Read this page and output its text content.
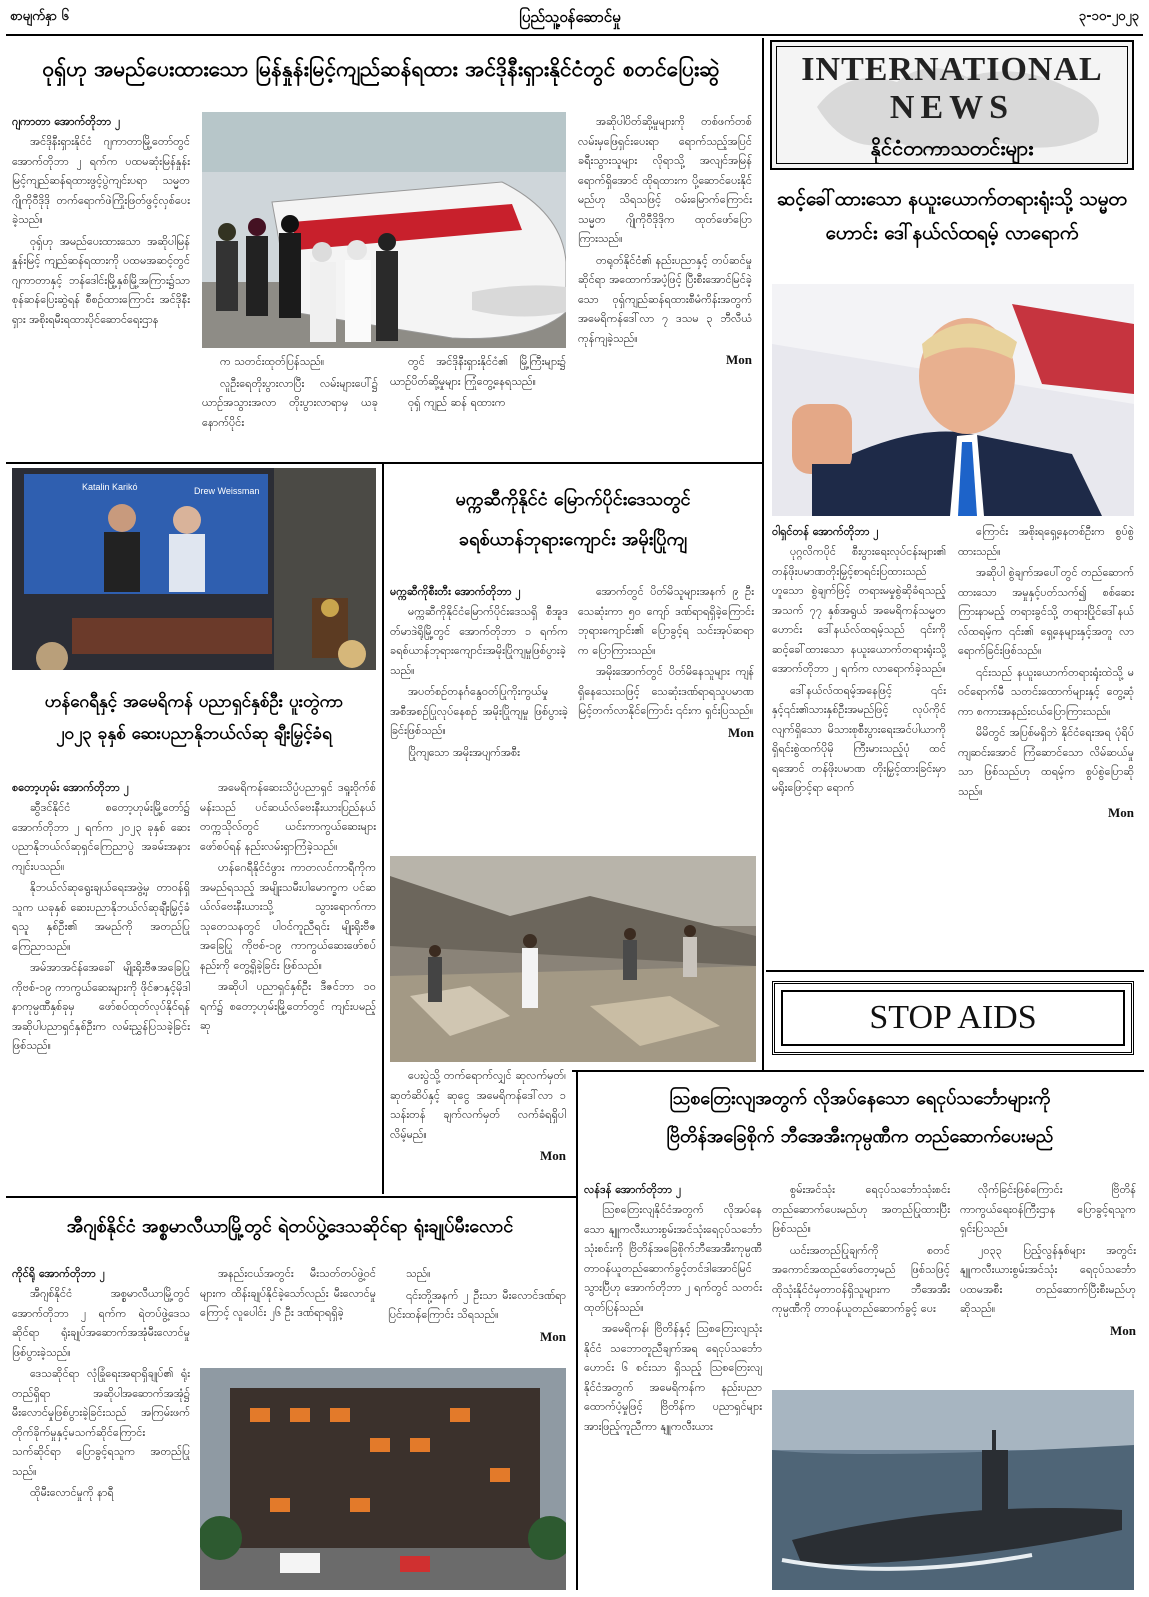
စာမျက်နှာ ၆	ပြည်သူ့ဝန်ဆောင်မှု	၃-၁၀-၂၀၂၃
ဝုရှ်ဟု အမည်ပေးထားသော မြန်နှုန်းမြင့်ကျည်ဆန်ရထား အင်ဒိုနီးရှားနိုင်ငံတွင် စတင်ပြေးဆွဲ
ဂျကာတာ အောက်တိုဘာ ၂

အင်ဒိုနီးရှားနိုင်ငံ ဂျကာတာမြို့တော်တွင် အောက်တိုဘာ ၂ ရက်က ပထမဆုံးမြန်နှုန်းမြင့်ကျည်ဆန်ရထားဖွင့်ပွဲကျင်းပရာ သမ္မတ ဂျိုကိုဝီဒိုဒို တက်ရောက်ဖဲကြိုးဖြတ်ဖွင့်လှစ်ပေးခဲ့သည်။

ဝုရှ်ဟု အမည်ပေးထားသော အဆိုပါမြန်နှုန်းမြင့် ကျည်ဆန်ရထားကို ပထမအဆင့်တွင် ဂျကာတာနှင့် ဘန်ဒေါင်းမြို့နှစ်မြို့အကြား၌သာ စုန်ဆန်ပြေးဆွဲရန် စီစဉ်ထားကြောင်း အင်ဒိုနီးရှား အစိုးရမီးရထားပိုင်ဆောင်ရေးဌာန

က သတင်းထုတ်ပြန်သည်။

လူဦးရေတိုးပွားလာပြီး လမ်းများပေါ်၌ ယာဉ်အသွားအလာ တိုးပွားလာရာမှ ယခုနောက်ပိုင်း

တွင် အင်ဒိုနီးရှားနိုင်ငံ၏ မြို့ကြီးများ၌ ယာဉ်ပိတ်ဆို့မှုများ ကြုံတွေ့နေရသည်။

ဝုရှ် ကျည် ဆန် ရထားက

အဆိုပါပိတ်ဆို့မှုများကို တစ်ဖက်တစ်လမ်းမှဖြေရှင်းပေးရာ ရောက်သည့်အပြင် ခရီးသွားသူများ လိုရာသို့ အလျင်အမြန်ရောက်ရှိအောင် ထိုရထားက ပို့ဆောင်ပေးနိုင်မည်ဟု သိရသဖြင့် ဝမ်းမြောက်ကြောင်း သမ္မတ ဂျိုကိုဝီဒိုဒိုက ထုတ်ဖော်ပြောကြားသည်။

တရုတ်နိုင်ငံ၏ နည်းပညာနှင့် တပ်ဆင်မှုဆိုင်ရာ အထောက်အပံ့ဖြင့် ပြီးစီးအောင်မြင်ခဲ့သော ဝုရှ်ကျည်ဆန်ရထားစီမံကိန်းအတွက် အမေရိကန်ဒေါ်လာ ၇ ဒသမ ၃ ဘီလီယံ ကုန်ကျခဲ့သည်။

Mon
INTERNATIONAL
NEWS
နိုင်ငံတကာသတင်းများ
ဆင့်ခေါ်ထားသော နယူးယောက်တရားရုံးသို့ သမ္မတဟောင်း ဒေါ်နယ်လ်ထရမ့် လာရောက်
ဝါရှင်တန် အောက်တိုဘာ ၂

ပုဂ္ဂလိကပိုင် စီးပွားရေးလုပ်ငန်းများ၏ တန်ဖိုးပမာဏတိုးမြှင့်စာရင်းပြထားသည်ဟူသော စွဲချက်ဖြင့် တရားမမှုစွဲဆိုခံရသည့် အသက် ၇၇ နှစ်အရွယ် အမေရိကန်သမ္မတဟောင်း ဒေါ်နယ်လ်ထရမ့်သည် ၎င်းကို ဆင့်ခေါ်ထားသော နယူးယောက်တရားရုံးသို့ အောက်တိုဘာ ၂ ရက်က လာရောက်ခဲ့သည်။

ဒေါ်နယ်လ်ထရမ့်အနေဖြင့် ၎င်းနှင့်၎င်း၏သားနှစ်ဦးအမည်ဖြင့် လုပ်ကိုင်လျက်ရှိသော မိသားစုစီးပွားရေးအင်ပါယာကို ရှိရင်းစွဲထက်ပိုမို ကြီးမားသည့်ပုံ ထင်ရအောင် တန်ဖိုးပမာဏ တိုးမြှင့်ထားခြင်းမှာ မရိုးဖြောင့်ရာ ရောက်

ကြောင်း အစိုးရရှေ့နေတစ်ဦးက စွပ်စွဲထားသည်။

အဆိုပါ စွဲချက်အပေါ်တွင် တည်ဆောက်ထားသော အမှုနှင့်ပတ်သက်၍ စစ်ဆေးကြားနာမည့် တရားခွင်သို့ တရားပြိုင်ဒေါ်နယ်လ်ထရမ့်က ၎င်း၏ ရှေ့နေများနှင့်အတူ လာရောက်ခြင်းဖြစ်သည်။

၎င်းသည် နယူးယောက်တရားရုံးထဲသို့ မဝင်ရောက်မီ သတင်းထောက်များနှင့် တွေ့ဆုံကာ စကားအနည်းငယ်ပြောကြားသည်။

မိမိတွင် အပြစ်မရှိဘဲ နိုင်ငံရေးအရ ပုံရိပ်ကျဆင်းအောင် ကြံဆောင်သော လိမ်ဆယ်မှုသာ ဖြစ်သည်ဟု ထရမ့်က စွပ်စွဲပြောဆိုသည်။

Mon
STOP AIDS
Katalin Karikó	Drew Weissman
ဟန်ဂေရီနှင့် အမေရိကန် ပညာရှင်နှစ်ဦး ပူးတွဲကာ
၂၀၂၃ ခုနှစ် ဆေးပညာနိုဘယ်လ်ဆု ချီးမြှင့်ခံရ
စတော့ဟုမ်း အောက်တိုဘာ ၂

ဆွီဒင်နိုင်ငံ စတော့ဟုမ်းမြို့တော်၌ အောက်တိုဘာ ၂ ရက်က ၂၀၂၃ ခုနှစ် ဆေးပညာနိုဘယ်လ်ဆုရှင်ကြေညာပွဲ အခမ်းအနားကျင်းပသည်။

နိုဘယ်လ်ဆုရွေးချယ်ရေးအဖွဲ့မှ တာဝန်ရှိသူက ယခုနှစ် ဆေးပညာနိုဘယ်လ်ဆုချီးမြှင့်ခံရသူ နှစ်ဦး၏ အမည်ကို အတည်ပြုကြေညာသည်။

အမ်အာအင်န်အေခေါ် မျိုးရိုးဗီဇအခြေပြု ကိုဗစ်-၁၉ ကာကွယ်ဆေးများကို ဖိုင်ဇာနှင့်မိုဒါနာကုမ္ပဏီနှစ်ခုမှ ဖော်စပ်ထုတ်လုပ်နိုင်ရန် အဆိုပါပညာရှင်နှစ်ဦးက လမ်းညွှန်ပြသခဲ့ခြင်းဖြစ်သည်။

အမေရိကန်ဆေးသိပ္ပံပညာရှင် ဒရူးဝိုက်စ်မန်းသည် ပင်ဆယ်လ်ဗေးနီးယားပြည်နယ်တက္ကသိုလ်တွင် ယင်းကာကွယ်ဆေးများ ဖော်စပ်ရန် နည်းလမ်းရှာကြံခဲ့သည်။

ဟန်ဂေရီနိုင်ငံဖွား ကာတလင်ကာရီကိုက အမည်ရသည့် အမျိုးသမီးပါမောက္ခက ပင်ဆယ်လ်ဗေးနီးယားသို့ သွားရောက်ကာ သုတေသနတွင် ပါဝင်ကူညီရင်း မျိုးရိုးဗီဇအခြေပြု ကိုဗစ်-၁၉ ကာကွယ်ဆေးဖော်စပ်နည်းကို တွေ့ရှိခဲ့ခြင်း ဖြစ်သည်။

အဆိုပါ ပညာရှင်နှစ်ဦး ဒီဇင်ဘာ ၁၀ ရက်၌ စတော့ဟုမ်းမြို့တော်တွင် ကျင်းပမည့် ဆု

မက္ကဆီကိုနိုင်ငံ မြောက်ပိုင်းဒေသတွင်
ခရစ်ယာန်ဘုရားကျောင်း အမိုးပြိုကျ
မက္ကဆီကိုစီးတီး အောက်တိုဘာ ၂

မက္ကဆီကိုနိုင်ငံမြောက်ပိုင်းဒေသရှိ စီအူဒတ်မာဒဲရိုမြို့တွင် အောက်တိုဘာ ၁ ရက်က ခရစ်ယာန်ဘုရားကျောင်းအမိုးပြိုကျမှုဖြစ်ပွားခဲ့သည်။

အပတ်စဉ်တနင်္ဂနွေဝတ်ပြုကိုးကွယ်မှု အစီအစဉ်ပြုလုပ်နေစဉ် အမိုးပြိုကျမှု ဖြစ်ပွားခဲ့ခြင်းဖြစ်သည်။

ပြိုကျသော အမိုးအပျက်အစီး

အောက်တွင် ပိတ်မိသူများအနက် ၉ ဦး သေဆုံးကာ ၅၀ ကျော် ဒဏ်ရာရရှိခဲ့ကြောင်း ဘုရားကျောင်း၏ ပြောခွင့်ရ သင်းအုပ်ဆရာက ပြောကြားသည်။

အမိုးအောက်တွင် ပိတ်မိနေသူများ ကျန်ရှိနေသေးသဖြင့် သေဆုံးဒဏ်ရာရသူပမာဏမြင့်တက်လာနိုင်ကြောင်း ၎င်းက ရှင်းပြသည်။

Mon

ပေးပွဲသို့ တက်ရောက်လျှင် ဆုလက်မှတ်၊ ဆုတံဆိပ်နှင့် ဆုငွေ အမေရိကန်ဒေါ်လာ ၁ သန်းတန် ချက်လက်မှတ် လက်ခံရရှိပါလိမ့်မည်။

Mon
သြစတြေးလျအတွက် လိုအပ်နေသော ရေငုပ်သင်္ဘောများကို
ဗြိတိန်အခြေစိုက် ဘီအေအီးကုမ္ပဏီက တည်ဆောက်ပေးမည်
လန်ဒန် အောက်တိုဘာ ၂

သြစတြေးလျနိုင်ငံအတွက် လိုအပ်နေသော နျူကလီးယားစွမ်းအင်သုံးရေငုပ်သင်္ဘောသုံးစင်းကို ဗြိတိန်အခြေစိုက်ဘီအေအီးကုမ္ပဏီ တာဝန်ယူတည်ဆောက်ခွင့်တင်ဒါအောင်မြင်သွားပြီဟု အောက်တိုဘာ ၂ ရက်တွင် သတင်းထုတ်ပြန်သည်။

အမေရိကန်၊ ဗြိတိန်နှင့် သြစတြေးလျသုံးနိုင်ငံ သဘောတူညီချက်အရ ရေငုပ်သင်္ဘောဟောင်း ၆ စင်းသာ ရှိသည့် သြစတြေးလျနိုင်ငံအတွက် အမေရိကန်က နည်းပညာထောက်ပံ့မှုဖြင့် ဗြိတိန်က ပညာရှင်များ အားဖြည့်ကူညီကာ နျူကလီးယား

စွမ်းအင်သုံး ရေငုပ်သင်္ဘောသုံးစင်း တည်ဆောက်ပေးမည်ဟု အတည်ပြုထားပြီး ဖြစ်သည်။

ယင်းအတည်ပြုချက်ကို စတင်အကောင်အထည်ဖော်တော့မည် ဖြစ်သဖြင့် ထိုသုံးနိုင်ငံမှတာဝန်ရှိသူများက ဘီအေအီးကုမ္ပဏီကို တာဝန်ယူတည်ဆောက်ခွင့် ပေး

လိုက်ခြင်းဖြစ်ကြောင်း ဗြိတိန်ကာကွယ်ရေးဝန်ကြီးဌာန ပြောခွင့်ရသူက ရှင်းပြသည်။

၂၀၃၃ ပြည့်လွန်နှစ်များ အတွင်း နျူကလီးယားစွမ်းအင်သုံး ရေငုပ်သင်္ဘောပထမအစီး တည်ဆောက်ပြီးစီးမည်ဟု ဆိုသည်။

Mon
အီဂျစ်နိုင်ငံ အစ္စမာလီယာမြို့တွင် ရဲတပ်ပွဲ့ဒေသဆိုင်ရာ ရုံးချုပ်မီးလောင်
ကိုင်ရို အောက်တိုဘာ ၂

အီဂျစ်နိုင်ငံ အစ္စမာလီယာမြို့တွင် အောက်တိုဘာ ၂ ရက်က ရဲတပ်ဖွဲ့ဒေသဆိုင်ရာ ရုံးချုပ်အဆောက်အအုံမီးလောင်မှု ဖြစ်ပွားခဲ့သည်။

ဒေသဆိုင်ရာ လုံခြုံရေးအရာရှိချုပ်၏ ရုံးတည်ရှိရာ အဆိုပါအဆောက်အအုံ၌ မီးလောင်မှုဖြစ်ပွားခဲ့ခြင်းသည် အကြမ်းဖက်တိုက်ခိုက်မှုနှင့်မသက်ဆိုင်ကြောင်း သက်ဆိုင်ရာ ပြောခွင့်ရသူက အတည်ပြုသည်။

ထိုမီးလောင်မှုကို နာရီ

အနည်းငယ်အတွင်း မီးသတ်တပ်ဖွဲ့ဝင်များက ထိန်းချုပ်နိုင်ခဲ့သော်လည်း မီးလောင်မှုကြောင့် လူပေါင်း ၂၆ ဦး ဒဏ်ရာရရှိခဲ့

သည်။

၎င်းတို့အနက် ၂ ဦးသာ မီးလောင်ဒဏ်ရာပြင်းထန်ကြောင်း သိရသည်။

Mon
